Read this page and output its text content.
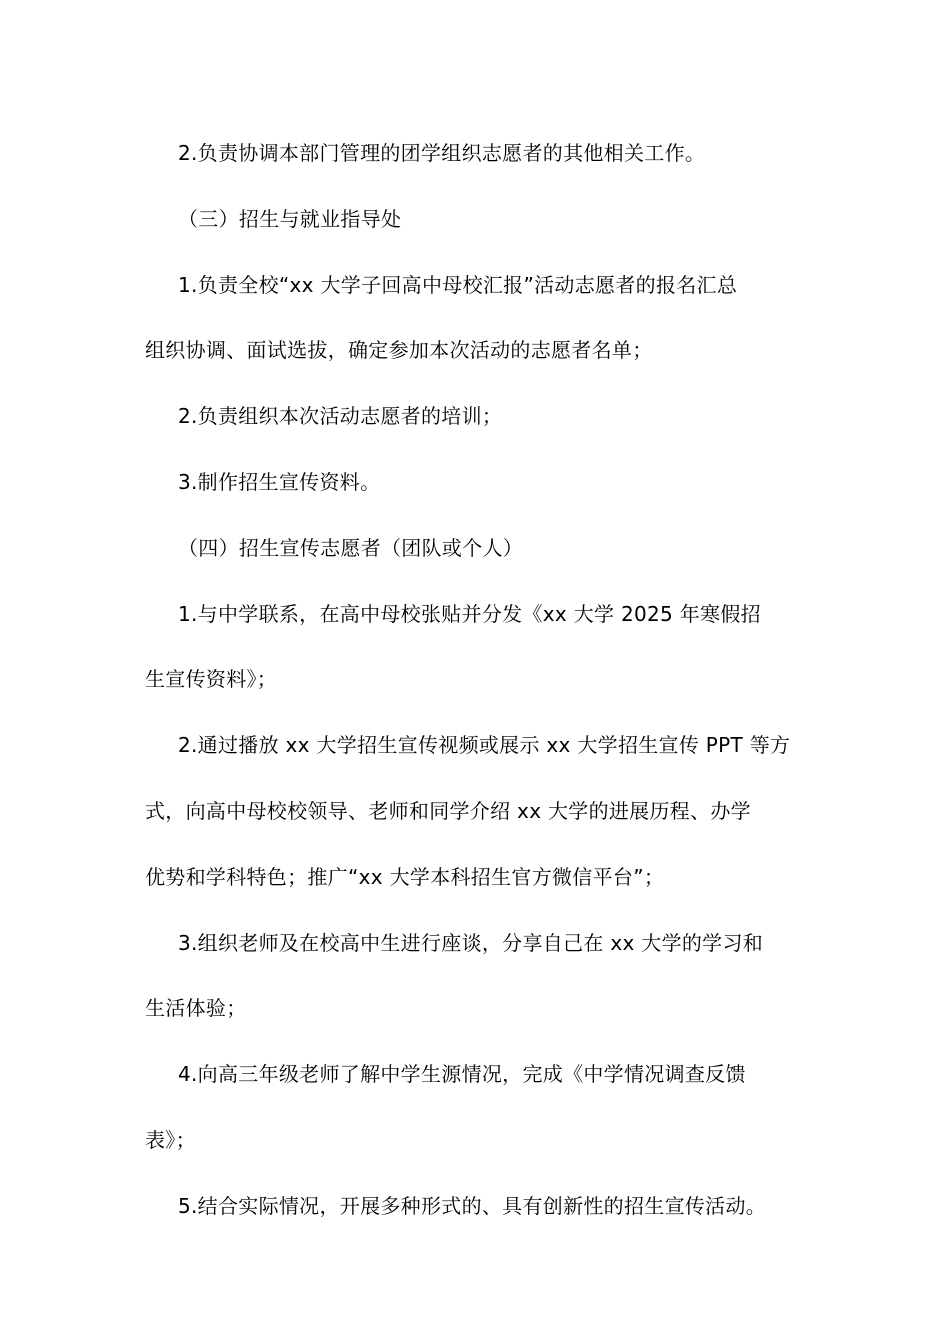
2.负责协调本部门管理的团学组织志愿者的其他相关工作。

（三）招生与就业指导处

1.负责全校“xx 大学子回高中母校汇报”活动志愿者的报名汇总
组织协调、面试选拔，确定参加本次活动的志愿者名单；

2.负责组织本次活动志愿者的培训；

3.制作招生宣传资料。

（四）招生宣传志愿者（团队或个人）

1.与中学联系，在高中母校张贴并分发《xx 大学 2025 年寒假招
生宣传资料》；

2.通过播放 xx 大学招生宣传视频或展示 xx 大学招生宣传 PPT 等方
式，向高中母校校领导、老师和同学介绍 xx 大学的进展历程、办学
优势和学科特色；推广“xx 大学本科招生官方微信平台”；

3.组织老师及在校高中生进行座谈，分享自己在 xx 大学的学习和
生活体验；

4.向高三年级老师了解中学生源情况，完成《中学情况调查反馈
表》；

5.结合实际情况，开展多种形式的、具有创新性的招生宣传活动。
